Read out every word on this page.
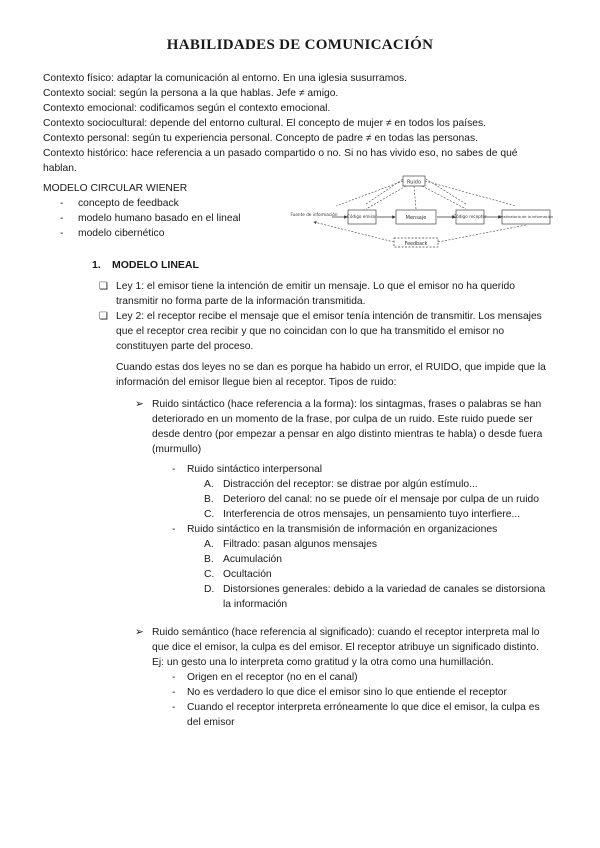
HABILIDADES DE COMUNICACIÓN

Contexto físico: adaptar la comunicación al entorno. En una iglesia susurramos.

Contexto social: según la persona a la que hablas. Jefe ≠ amigo.

Contexto emocional: codificamos según el contexto emocional.

Contexto sociocultural: depende del entorno cultural. El concepto de mujer ≠ en todos los países.

Contexto personal: según tu experiencia personal. Concepto de padre ≠ en todas las personas.

Contexto histórico: hace referencia a un pasado compartido o no. Si no has vivido eso, no sabes de qué hablan.

MODELO CIRCULAR WIENER

- concepto de feedback
- modelo humano basado en el lineal
- modelo cibernético
Ruido
Fuente de información Código emisor	Mensaje	Código receptor	Destinatario de la información
Feedback
1. MODELO LINEAL

❏ Ley 1: el emisor tiene la intención de emitir un mensaje. Lo que el emisor no ha querido transmitir no forma parte de la información transmitida.

❏ Ley 2: el receptor recibe el mensaje que el emisor tenía intención de transmitir. Los mensajes que el receptor crea recibir y que no coincidan con lo que ha transmitido el emisor no constituyen parte del proceso.

Cuando estas dos leyes no se dan es porque ha habido un error, el RUIDO, que impide que la información del emisor llegue bien al receptor. Tipos de ruido:

➢ Ruido sintáctico (hace referencia a la forma): los sintagmas, frases o palabras se han deteriorado en un momento de la frase, por culpa de un ruido. Este ruido puede ser desde dentro (por empezar a pensar en algo distinto mientras te habla) o desde fuera (murmullo)

- Ruido sintáctico interpersonal

A. Distracción del receptor: se distrae por algún estímulo...

B. Deterioro del canal: no se puede oír el mensaje por culpa de un ruido

C. Interferencia de otros mensajes, un pensamiento tuyo interfiere...

- Ruido sintáctico en la transmisión de información en organizaciones

A. Filtrado: pasan algunos mensajes

B. Acumulación

C. Ocultación

D. Distorsiones generales: debido a la variedad de canales se distorsiona la información

➢ Ruido semántico (hace referencia al significado): cuando el receptor interpreta mal lo que dice el emisor, la culpa es del emisor. El receptor atribuye un significado distinto. Ej: un gesto una lo interpreta como gratitud y la otra como una humillación.

- Origen en el receptor (no en el canal)

- No es verdadero lo que dice el emisor sino lo que entiende el receptor

- Cuando el receptor interpreta erróneamente lo que dice el emisor, la culpa es del emisor
